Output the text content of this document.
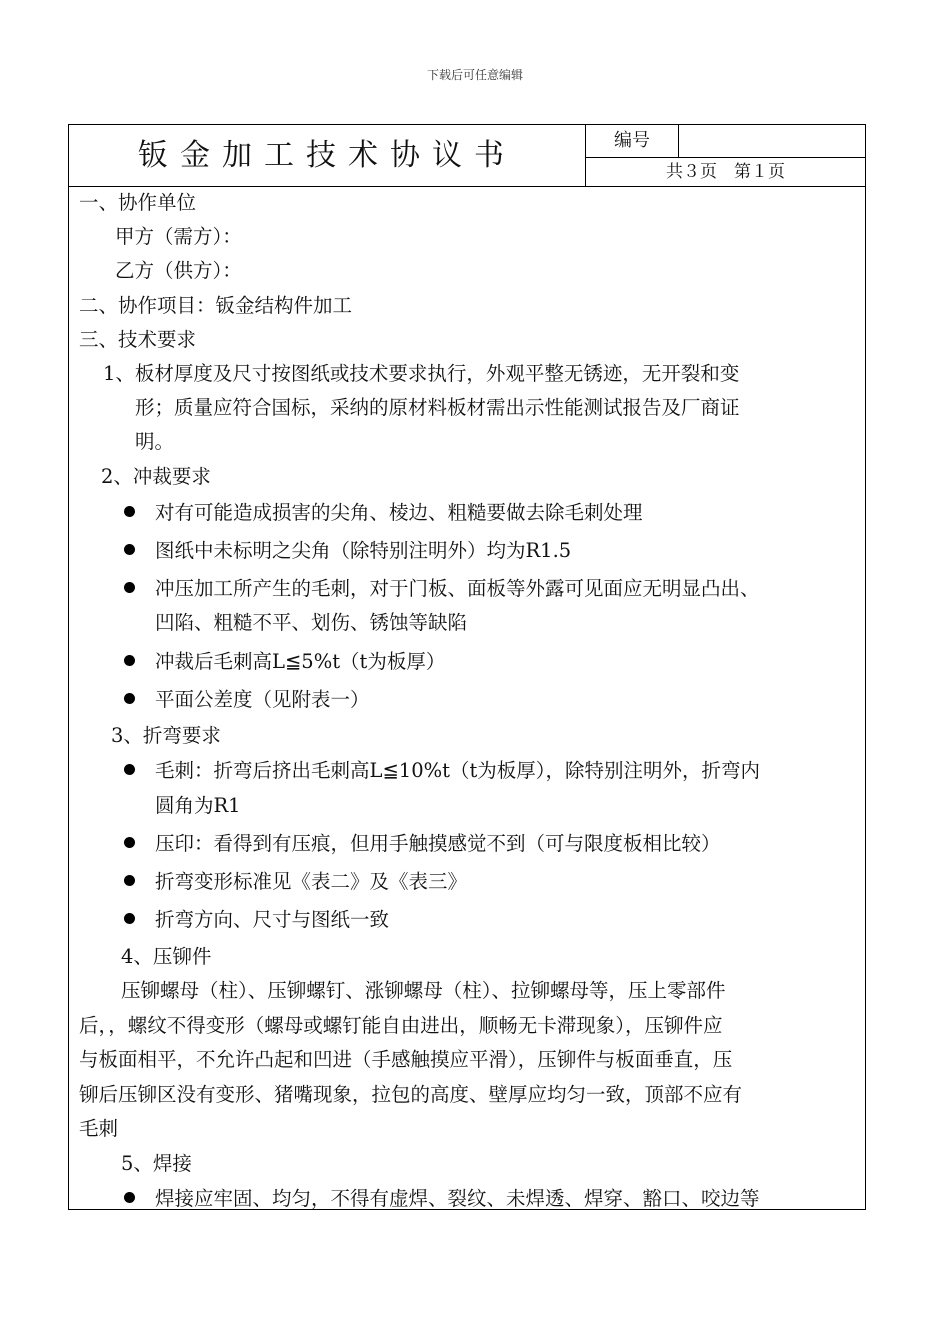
下载后可任意编辑
钣金加工技术协议书	编号
共３页　第１页
一、协作单位
甲方（需方）：
乙方（供方）：
二、协作项目：钣金结构件加工
三、技术要求
1、板材厚度及尺寸按图纸或技术要求执行，外观平整无锈迹，无开裂和变
形；质量应符合国标，采纳的原材料板材需出示性能测试报告及厂商证
明。
2、冲裁要求
对有可能造成损害的尖角、棱边、粗糙要做去除毛刺处理
图纸中未标明之尖角（除特别注明外）均为R1.5
冲压加工所产生的毛刺，对于门板、面板等外露可见面应无明显凸出、
凹陷、粗糙不平、划伤、锈蚀等缺陷
冲裁后毛刺高L≦5%t（t为板厚）
平面公差度（见附表一）
3、折弯要求
毛刺：折弯后挤出毛刺高L≦10%t（t为板厚），除特别注明外，折弯内
圆角为R1
压印：看得到有压痕，但用手触摸感觉不到（可与限度板相比较）
折弯变形标准见《表二》及《表三》
折弯方向、尺寸与图纸一致
4、压铆件
压铆螺母（柱）、压铆螺钉、涨铆螺母（柱）、拉铆螺母等，压上零部件
后，，螺纹不得变形（螺母或螺钉能自由进出，顺畅无卡滞现象），压铆件应
与板面相平，不允许凸起和凹进（手感触摸应平滑），压铆件与板面垂直，压
铆后压铆区没有变形、猪嘴现象，拉包的高度、壁厚应均匀一致，顶部不应有
毛刺
5、焊接
焊接应牢固、均匀，不得有虚焊、裂纹、未焊透、焊穿、豁口、咬边等
